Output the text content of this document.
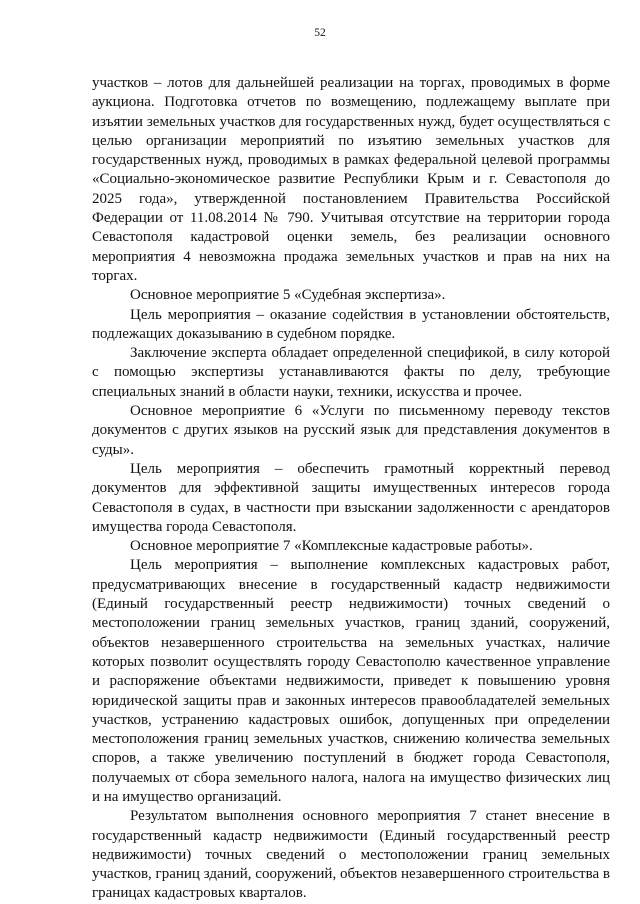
52

участков – лотов для дальнейшей реализации на торгах, проводимых в форме аукциона. Подготовка отчетов по возмещению, подлежащему выплате при изъятии земельных участков для государственных нужд, будет осуществляться с целью организации мероприятий по изъятию земельных участков для государственных нужд, проводимых в рамках федеральной целевой программы «Социально-экономическое развитие Республики Крым и г. Севастополя до 2025 года», утвержденной постановлением Правительства Российской Федерации от 11.08.2014 № 790. Учитывая отсутствие на территории города Севастополя кадастровой оценки земель, без реализации основного мероприятия 4 невозможна продажа земельных участков и прав на них на торгах.

Основное мероприятие 5 «Судебная экспертиза».

Цель мероприятия – оказание содействия в установлении обстоятельств, подлежащих доказыванию в судебном порядке.

Заключение эксперта обладает определенной спецификой, в силу которой с помощью экспертизы устанавливаются факты по делу, требующие специальных знаний в области науки, техники, искусства и прочее.

Основное мероприятие 6 «Услуги по письменному переводу текстов документов с других языков на русский язык для представления документов в суды».

Цель мероприятия – обеспечить грамотный корректный перевод документов для эффективной защиты имущественных интересов города Севастополя в судах, в частности при взыскании задолженности с арендаторов имущества города Севастополя.

Основное мероприятие 7 «Комплексные кадастровые работы».

Цель мероприятия – выполнение комплексных кадастровых работ, предусматривающих внесение в государственный кадастр недвижимости (Единый государственный реестр недвижимости) точных сведений о местоположении границ земельных участков, границ зданий, сооружений, объектов незавершенного строительства на земельных участках, наличие которых позволит осуществлять городу Севастополю качественное управление и распоряжение объектами недвижимости, приведет к повышению уровня юридической защиты прав и законных интересов правообладателей земельных участков, устранению кадастровых ошибок, допущенных при определении местоположения границ земельных участков, снижению количества земельных споров, а также увеличению поступлений в бюджет города Севастополя, получаемых от сбора земельного налога, налога на имущество физических лиц и на имущество организаций.

Результатом выполнения основного мероприятия 7 станет внесение в государственный кадастр недвижимости (Единый государственный реестр недвижимости) точных сведений о местоположении границ земельных участков, границ зданий, сооружений, объектов незавершенного строительства в границах кадастровых кварталов.
